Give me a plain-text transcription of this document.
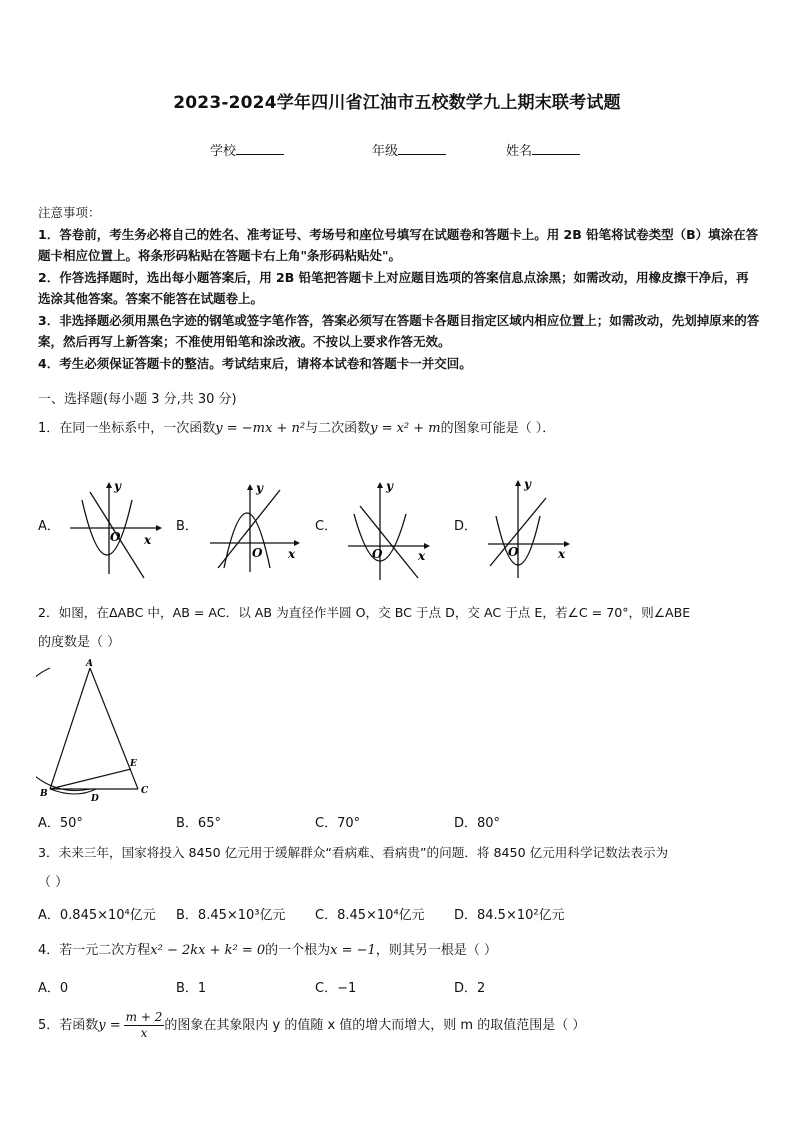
2023-2024学年四川省江油市五校数学九上期末联考试题
学校	年级	姓名

注意事项：

1．答卷前，考生务必将自己的姓名、准考证号、考场号和座位号填写在试题卷和答题卡上。用 2B 铅笔将试卷类型（B）填涂在答题卡相应位置上。将条形码粘贴在答题卡右上角"条形码粘贴处"。

2．作答选择题时，选出每小题答案后，用 2B 铅笔把答题卡上对应题目选项的答案信息点涂黑；如需改动，用橡皮擦干净后，再选涂其他答案。答案不能答在试题卷上。

3．非选择题必须用黑色字迹的钢笔或签字笔作答，答案必须写在答题卡各题目指定区域内相应位置上；如需改动，先划掉原来的答案，然后再写上新答案；不准使用铅笔和涂改液。不按以上要求作答无效。

4．考生必须保证答题卡的整洁。考试结束后，请将本试卷和答题卡一并交回。

一、选择题(每小题 3 分,共 30 分)
1．在同一坐标系中，一次函数y = −mx + n²与二次函数y = x² + m的图象可能是（ ）．
A．	B．	C．	D．
y
x
O
y
x
O
y
x
O
y
x
O
2．如图，在ΔABC 中，AB = AC．以 AB 为直径作半圆 O，交 BC 于点 D，交 AC 于点 E，若∠C = 70°，则∠ABE
的度数是（ ）
A
B	C
D
E
A．50°	B．65°	C．70°	D．80°
3．未来三年，国家将投入 8450 亿元用于缓解群众“看病难、看病贵”的问题．将 8450 亿元用科学记数法表示为
（ ）
A．0.845×10⁴亿元 B．8.45×10³亿元 C．8.45×10⁴亿元 D．84.5×10²亿元
4．若一元二次方程x² − 2kx + k² = 0的一个根为x = −1，则其另一根是（ ）
A．0	B．1	C．−1	D．2
5．若函数 $y = \frac{m + 2}{x}$ 的图象在其象限内 y 的值随 x 值的增大而增大，则 m 的取值范围是（ ）
